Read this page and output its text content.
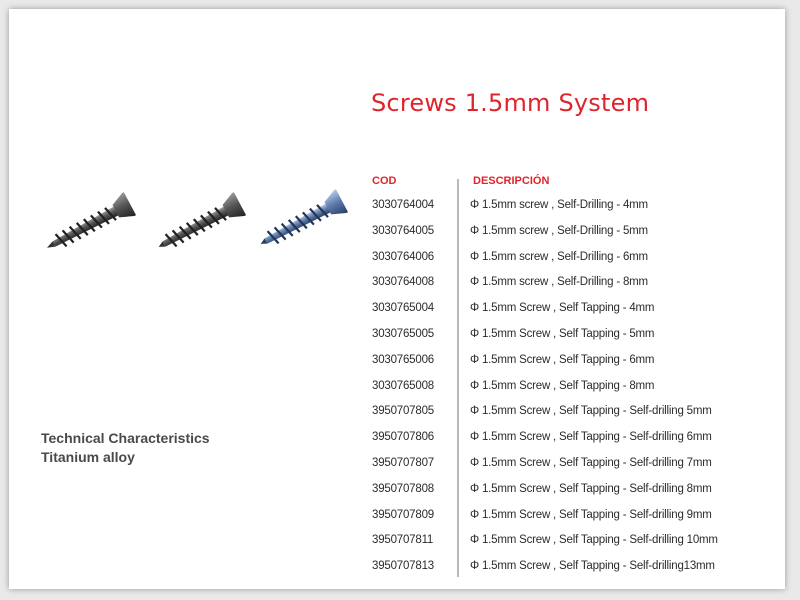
Screws 1.5mm System
Technical Characteristics
Titanium alloy
COD	DESCRIPCIÓN
3030764004	Φ 1.5mm screw , Self-Drilling - 4mm
3030764005	Φ 1.5mm screw , Self-Drilling - 5mm
3030764006	Φ 1.5mm screw , Self-Drilling - 6mm
3030764008	Φ 1.5mm screw , Self-Drilling - 8mm
3030765004	Φ 1.5mm Screw , Self Tapping - 4mm
3030765005	Φ 1.5mm Screw , Self Tapping - 5mm
3030765006	Φ 1.5mm Screw , Self Tapping - 6mm
3030765008	Φ 1.5mm Screw , Self Tapping - 8mm
3950707805	Φ 1.5mm Screw , Self Tapping - Self-drilling 5mm
3950707806	Φ 1.5mm Screw , Self Tapping - Self-drilling 6mm
3950707807	Φ 1.5mm Screw , Self Tapping - Self-drilling 7mm
3950707808	Φ 1.5mm Screw , Self Tapping - Self-drilling 8mm
3950707809	Φ 1.5mm Screw , Self Tapping - Self-drilling 9mm
3950707811	Φ 1.5mm Screw , Self Tapping - Self-drilling 10mm
3950707813	Φ 1.5mm Screw , Self Tapping - Self-drilling13mm
